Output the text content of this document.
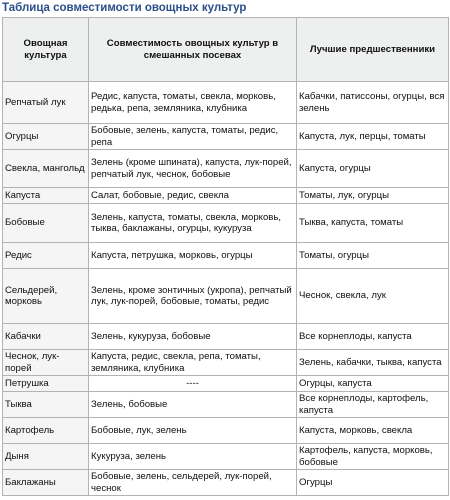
Таблица совместимости овощных культур
Овощная культура	Совместимость овощных культур в смешанных посевах	Лучшие предшественники
Репчатый лук	Редис, капуста, томаты, свекла, морковь, редька, репа, земляника, клубника	Кабачки, патиссоны, огурцы, вся зелень
Огурцы	Бобовые, зелень, капуста, томаты, редис, репа	Капуста, лук, перцы, томаты
Свекла, мангольд	Зелень (кроме шпината), капуста, лук-порей, репчатый лук, чеснок, бобовые	Капуста, огурцы
Капуста	Салат, бобовые, редис, свекла	Томаты, лук, огурцы
Бобовые	Зелень, капуста, томаты, свекла, морковь, тыква, баклажаны, огурцы, кукуруза	Тыква, капуста, томаты
Редис	Капуста, петрушка, морковь, огурцы	Томаты, огурцы
Сельдерей, морковь	Зелень, кроме зонтичных (укропа), репчатый лук, лук-порей, бобовые, томаты, редис	Чеснок, свекла, лук
Кабачки	Зелень, кукуруза, бобовые	Все корнеплоды, капуста
Чеснок, лук-порей	Капуста, редис, свекла, репа, томаты, земляника, клубника	Зелень, кабачки, тыква, капуста
Петрушка	----	Огурцы, капуста
Тыква	Зелень, бобовые	Все корнеплоды, картофель, капуста
Картофель	Бобовые, лук, зелень	Капуста, морковь, свекла
Дыня	Кукуруза, зелень	Картофель, капуста, морковь, бобовые
Баклажаны	Бобовые, зелень, сельдерей, лук-порей, чеснок	Огурцы
